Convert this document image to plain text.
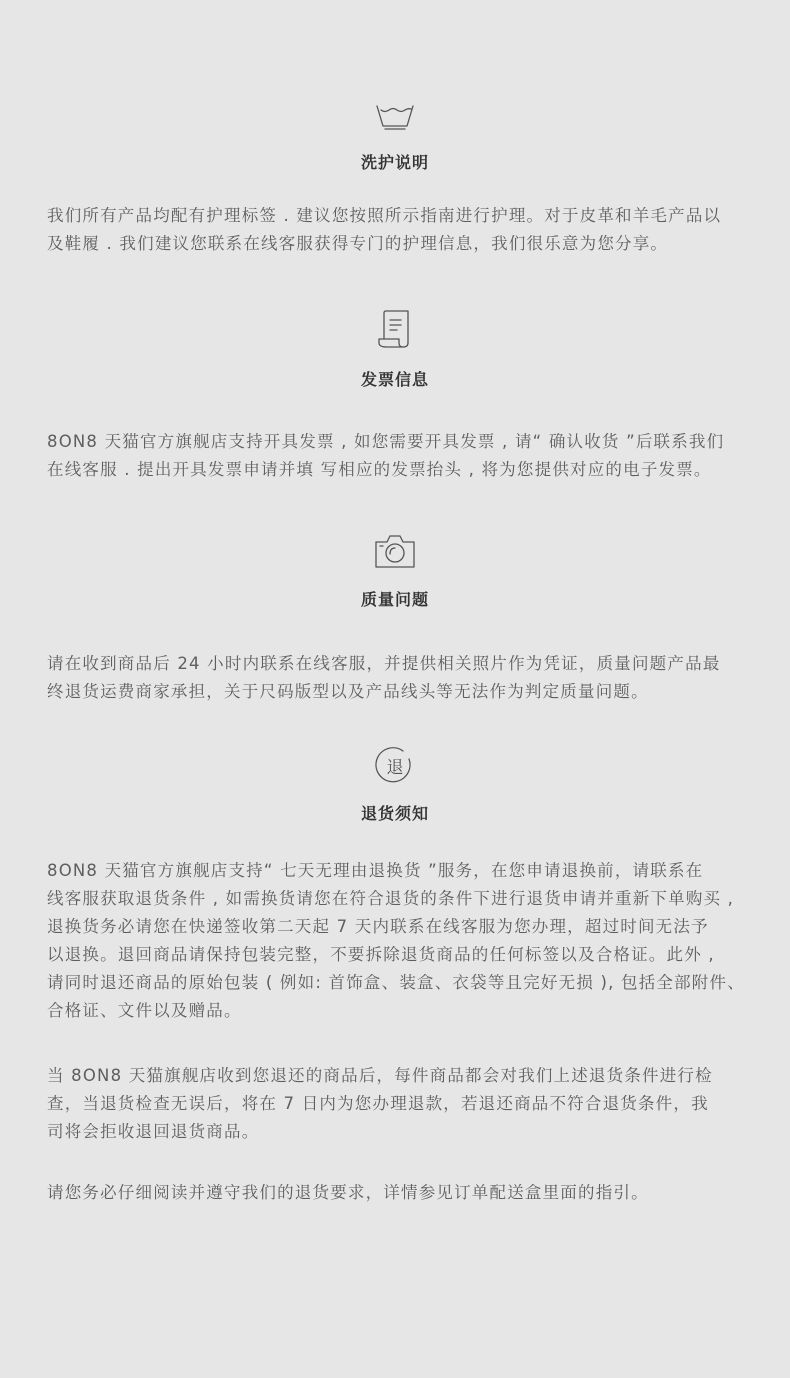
洗护说明

我们所有产品均配有护理标签 . 建议您按照所示指南进行护理。对于皮革和羊毛产品以
及鞋履 . 我们建议您联系在线客服获得专门的护理信息，我们很乐意为您分享。

发票信息

8ON8 天猫官方旗舰店支持开具发票 , 如您需要开具发票 , 请“ 确认收货 ”后联系我们
在线客服 . 提出开具发票申请并填 写相应的发票抬头 , 将为您提供对应的电子发票。

质量问题

请在收到商品后 24 小时内联系在线客服，并提供相关照片作为凭证，质量问题产品最
终退货运费商家承担，关于尺码版型以及产品线头等无法作为判定质量问题。

退
退货须知

8ON8 天猫官方旗舰店支持“ 七天无理由退换货 ”服务，在您申请退换前，请联系在
线客服获取退货条件 , 如需换货请您在符合退货的条件下进行退货申请并重新下单购买 ,
退换货务必请您在快递签收第二天起 7 天内联系在线客服为您办理，超过时间无法予
以退换。退回商品请保持包装完整，不要拆除退货商品的任何标签以及合格证。此外 ,
请同时退还商品的原始包装 ( 例如: 首饰盒、装盒、衣袋等且完好无损 ), 包括全部附件、
合格证、文件以及赠品。

当 8ON8 天猫旗舰店收到您退还的商品后，每件商品都会对我们上述退货条件进行检
查，当退货检查无误后，将在 7 日内为您办理退款，若退还商品不符合退货条件，我
司将会拒收退回退货商品。

请您务必仔细阅读并遵守我们的退货要求，详情参见订单配送盒里面的指引。
